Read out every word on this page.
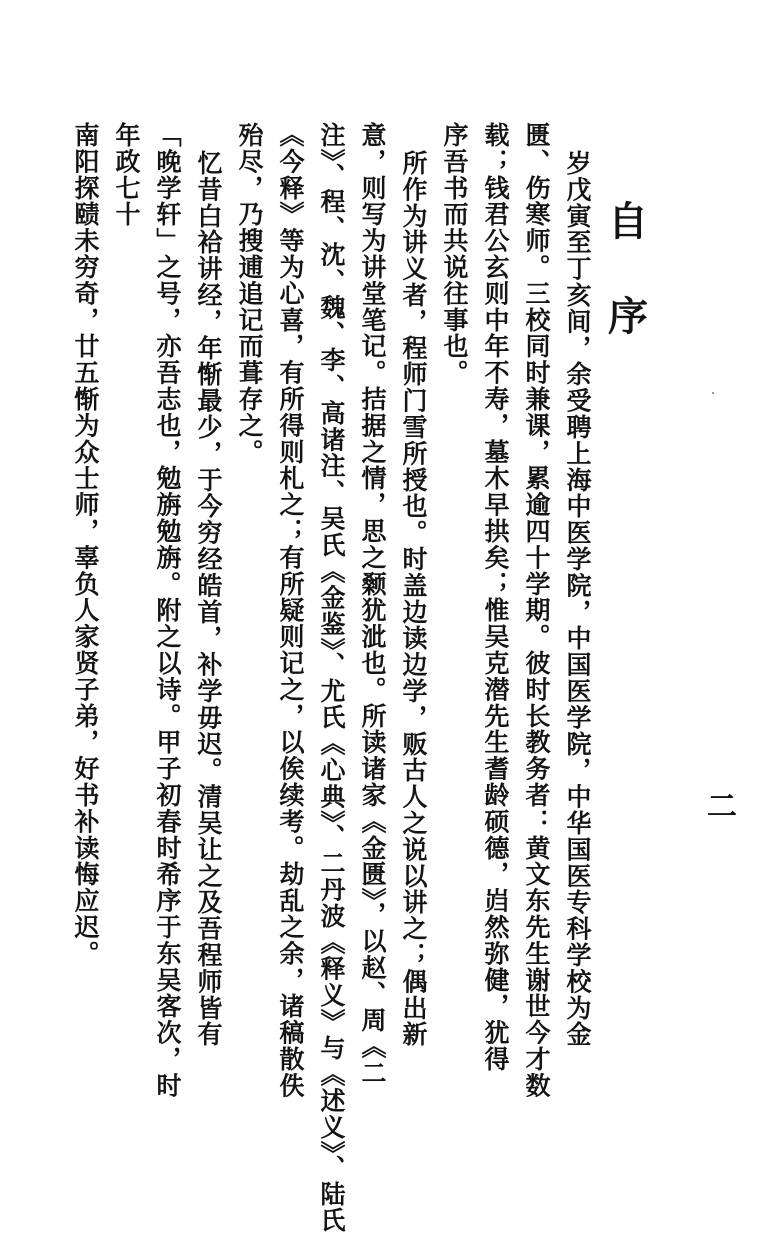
自
序
岁戊寅至丁亥间，余受聘上海中医学院，中国医学院，中华国医专科学校为金
匮、伤寒师。三校同时兼课，累逾四十学期。彼时长教务者：黄文东先生谢世今才数
载；钱君公玄则中年不寿，墓木早拱矣；惟吴克潜先生耆龄硕德，岿然弥健，犹得
序吾书而共说往事也。
所作为讲义者，程师门雪所授也。时盖边读边学，贩古人之说以讲之；偶出新
意，则写为讲堂笔记。拮据之情，思之颡犹泚也。所读诸家《金匮》，以赵、周《二
注》、程、沈、魏、李、高诸注、吴氏《金鉴》、尤氏《心典》、二丹波《释义》与《述义》、陆氏
《今释》等为心喜，有所得则札之；有所疑则记之，以俟续考。劫乱之余，诸稿散佚
殆尽，乃搜逋追记而葺存之。
忆昔白袷讲经，年惭最少，于今穷经皓首，补学毋迟。清吴让之及吾程师皆有
「晚学轩」之号，亦吾志也，勉旃勉旃。附之以诗。甲子初春时希序于东吴客次，时
年政七十
南阳探赜未穷奇，廿五惭为众士师，辜负人家贤子弟，好书补读悔应迟。	二
